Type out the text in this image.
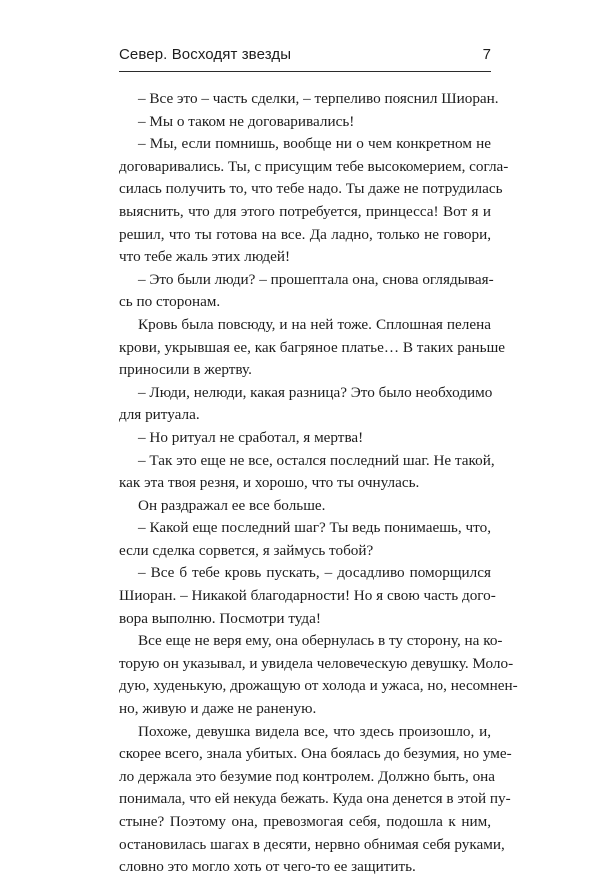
Север. Восходят звезды	7
– Все это – часть сделки, – терпеливо пояснил Шиоран.
– Мы о таком не договаривались!
– Мы, если помнишь, вообще ни о чем конкретном не
договаривались. Ты, с присущим тебе высокомерием, согла-
силась получить то, что тебе надо. Ты даже не потрудилась
выяснить, что для этого потребуется, принцесса! Вот я и
решил, что ты готова на все. Да ладно, только не говори,
что тебе жаль этих людей!
– Это были люди? – прошептала она, снова оглядывая-
сь по сторонам.
Кровь была повсюду, и на ней тоже. Сплошная пелена
крови, укрывшая ее, как багряное платье… В таких раньше
приносили в жертву.
– Люди, нелюди, какая разница? Это было необходимо
для ритуала.
– Но ритуал не сработал, я мертва!
– Так это еще не все, остался последний шаг. Не такой,
как эта твоя резня, и хорошо, что ты очнулась.
Он раздражал ее все больше.
– Какой еще последний шаг? Ты ведь понимаешь, что,
если сделка сорвется, я займусь тобой?
– Все б тебе кровь пускать, – досадливо поморщился
Шиоран. – Никакой благодарности! Но я свою часть дого-
вора выполню. Посмотри туда!
Все еще не веря ему, она обернулась в ту сторону, на ко-
торую он указывал, и увидела человеческую девушку. Моло-
дую, худенькую, дрожащую от холода и ужаса, но, несомнен-
но, живую и даже не раненую.
Похоже, девушка видела все, что здесь произошло, и,
скорее всего, знала убитых. Она боялась до безумия, но уме-
ло держала это безумие под контролем. Должно быть, она
понимала, что ей некуда бежать. Куда она денется в этой пу-
стыне? Поэтому она, превозмогая себя, подошла к ним,
остановилась шагах в десяти, нервно обнимая себя руками,
словно это могло хоть от чего-то ее защитить.
